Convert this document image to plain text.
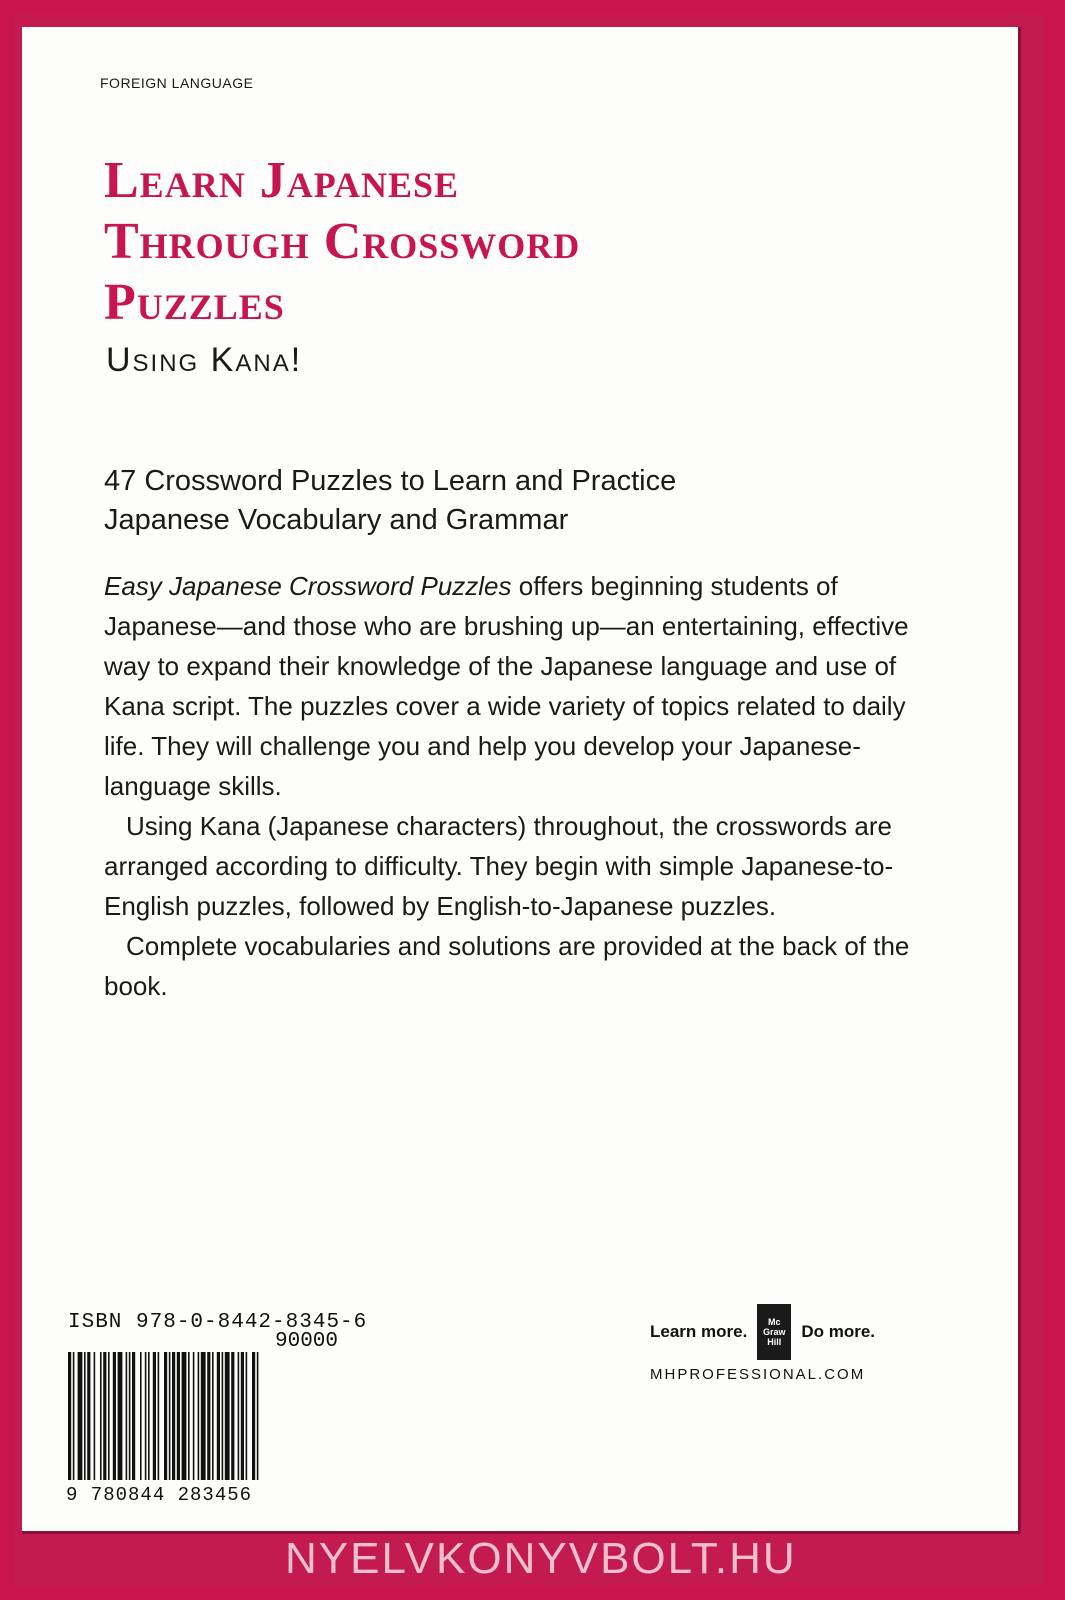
FOREIGN LANGUAGE
Learn Japanese
Through Crossword
Puzzles
Using Kana!
47 Crossword Puzzles to Learn and Practice
Japanese Vocabulary and Grammar

Easy Japanese Crossword Puzzles offers beginning students of Japanese—and those who are brushing up—an entertaining, effective way to expand their knowledge of the Japanese language and use of Kana script. The puzzles cover a wide variety of topics related to daily life. They will challenge you and help you develop your Japanese-language skills.

Using Kana (Japanese characters) throughout, the crosswords are arranged according to difficulty. They begin with simple Japanese-to-English puzzles, followed by English-to-Japanese puzzles.

Complete vocabularies and solutions are provided at the back of the book.

ISBN 978-0-8442-8345-6
90000
9 780844 283456
Learn more.	Mc
Graw
Hill
Do more.
MHPROFESSIONAL.COM
NYELVKONYVBOLT.HU
